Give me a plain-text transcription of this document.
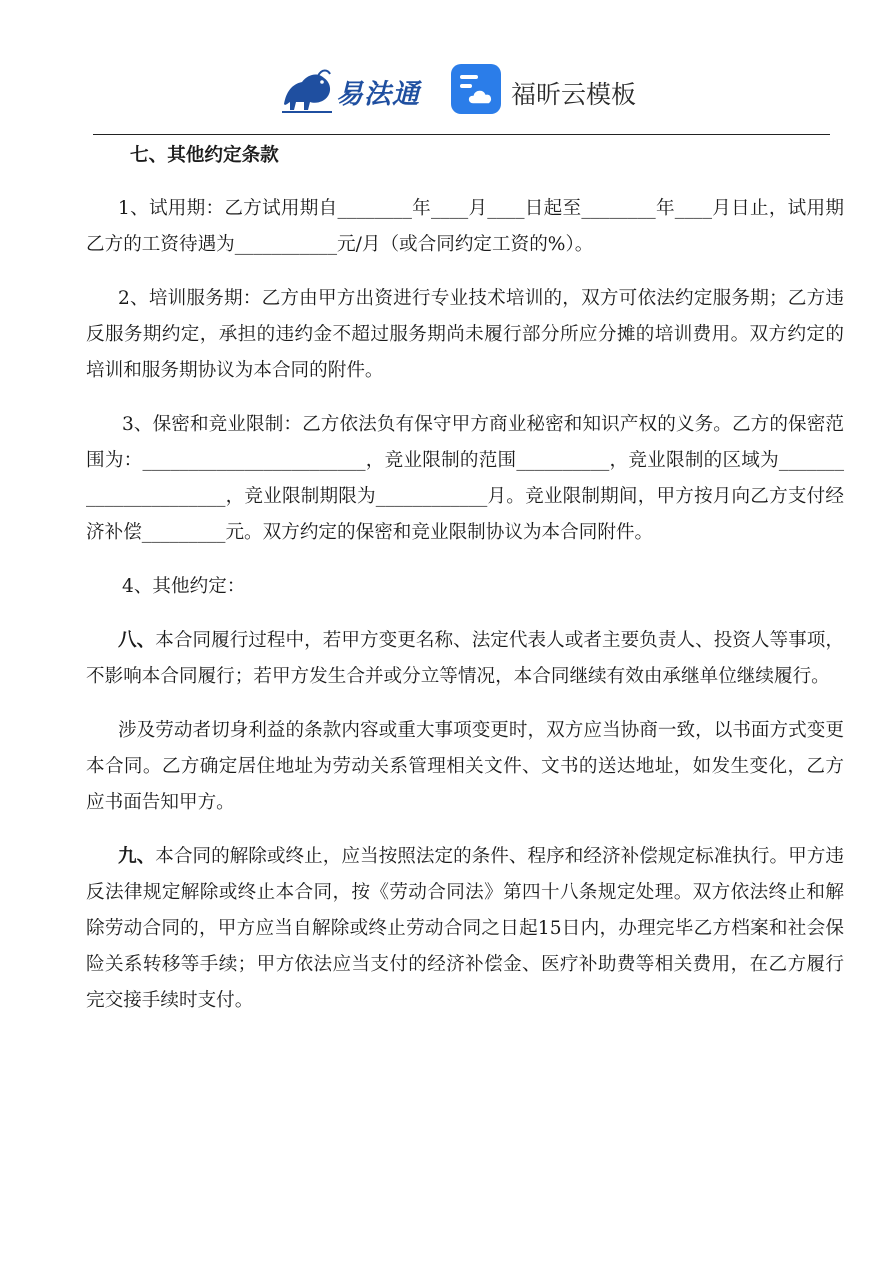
易法通	福昕云模板
七、其他约定条款

1、试用期：乙方试用期自________年____月____日起至________年____月日止，试用期乙方的工资待遇为___________元/月（或合同约定工资的%）。

2、培训服务期：乙方由甲方出资进行专业技术培训的，双方可依法约定服务期；乙方违反服务期约定，承担的违约金不超过服务期尚未履行部分所应分摊的培训费用。双方约定的培训和服务期协议为本合同的附件。

3、保密和竞业限制：乙方依法负有保守甲方商业秘密和知识产权的义务。乙方的保密范围为：________________________，竞业限制的范围__________，竞业限制的区域为______________________，竞业限制期限为____________月。竞业限制期间，甲方按月向乙方支付经济补偿_________元。双方约定的保密和竞业限制协议为本合同附件。

4、其他约定：

八、本合同履行过程中，若甲方变更名称、法定代表人或者主要负责人、投资人等事项，不影响本合同履行；若甲方发生合并或分立等情况，本合同继续有效由承继单位继续履行。

涉及劳动者切身利益的条款内容或重大事项变更时，双方应当协商一致，以书面方式变更本合同。乙方确定居住地址为劳动关系管理相关文件、文书的送达地址，如发生变化，乙方应书面告知甲方。

九、本合同的解除或终止，应当按照法定的条件、程序和经济补偿规定标准执行。甲方违反法律规定解除或终止本合同，按《劳动合同法》第四十八条规定处理。双方依法终止和解除劳动合同的，甲方应当自解除或终止劳动合同之日起15日内，办理完毕乙方档案和社会保险关系转移等手续；甲方依法应当支付的经济补偿金、医疗补助费等相关费用，在乙方履行完交接手续时支付。
